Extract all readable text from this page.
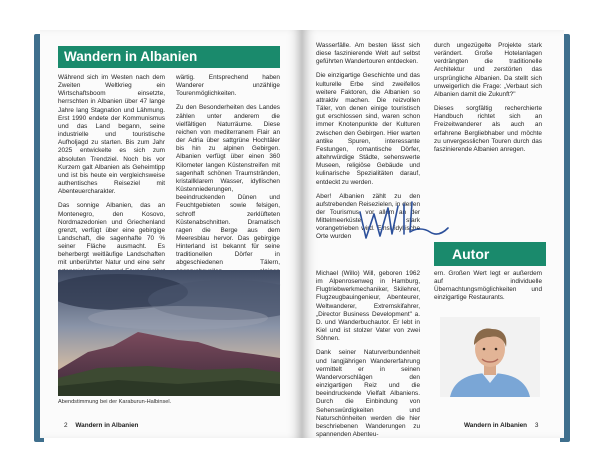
Wandern in Albanien

Während sich im Westen nach dem Zweiten Weltkrieg ein Wirtschaftsboom einsetzte, herrschten in Albanien über 47 lange Jahre lang Stagnation und Lähmung. Erst 1990 endete der Kommunismus und das Land begann, seine industrielle und touristische Aufholjagd zu starten. Bis zum Jahr 2025 entwickelte es sich zum absoluten Trendziel. Noch bis vor Kurzem galt Albanien als Geheimtipp und ist bis heute ein vergleichsweise authentisches Reiseziel mit Abenteuercharakter.

Das sonnige Albanien, das an Montenegro, den Kosovo, Nordmazedonien und Griechenland grenzt, verfügt über eine gebirgige Landschaft, die sagenhafte 70 % seiner Fläche ausmacht. Es beherbergt weitläufige Landschaften mit unberührter Natur und eine sehr

wärtig. Entsprechend haben Wanderer unzählige Tourenmöglichkeiten.

Zu den Besonderheiten des Landes zählen unter anderem die vielfältigen Naturräume. Diese reichen von mediterranem Flair an der Adria über sattgrüne Hochtäler bis hin zu alpinen Gebirgen. Albanien verfügt über einen 360 Kilometer langen Küstenstreifen mit sagenhaft schönen Traumstränden, kristallklarem Wasser, idyllischen Küstenniederungen, beeindruckenden Dünen und Feuchtgebieten sowie felsigen, schroff zerklüfteten Küstenabschnitten. Dramatisch ragen die Berge aus dem Meeresblau hervor. Das gebirgige Hinterland ist bekannt für seine traditionellen Dörfer in abgeschiedenen Tälern,

Abendstimmung bei der Karaburun-Halbinsel.
2 Wandern in Albanien

Wasserfälle. Am besten lässt sich diese faszinierende Welt auf selbst geführten Wandertouren entdecken.

Die einzigartige Geschichte und das kulturelle Erbe sind zweifellos weitere Faktoren, die Albanien so attraktiv machen. Die reizvollen Täler, von denen einige touristisch gut erschlossen sind, waren schon immer Knotenpunkte der Kulturen zwischen den Gebirgen. Hier warten antike Spuren, interessante Festungen, romantische Dörfer, altehrwürdige Städte, sehenswerte Museen, religiöse Gebäude und kulinarische Spezialitäten darauf, entdeckt zu werden.

Aber! Albanien zählt zu den aufstrebenden Reisezielen, in denen der Tourismus, vor allem an der Mittelmeerküste, stark vorangetrieben wird. Einst idyllische Orte wurden

durch ungezügelte Projekte stark verändert. Große Hotelanlagen verdrängten die traditionelle Architektur und zerstörten das ursprüngliche Albanien. Da stellt sich unweigerlich die Frage: „Verbaut sich Albanien damit die Zukunft?"

Dieses sorgfältig recherchierte Handbuch richtet sich an Freizeitwanderer als auch an erfahrene Bergliebhaber und möchte zu unvergesslichen Touren durch das faszinierende Albanien anregen.

Autor

Michael (Willo) Will, geboren 1962 im Alpenrosenweg in Hamburg, Flugtriebwerkmechaniker, Skilehrer, Flugzeugbauingenieur, Abenteurer, Weltwanderer, Extremskifahrer, „Director Business Development" a. D. und Wanderbuchautor. Er lebt in Kiel und ist stolzer Vater von zwei Söhnen.

Dank seiner Naturverbundenheit und langjährigen Wandererfahrung vermittelt er in seinen Wandervorschlägen den einzigartigen Reiz und die beeindruckende Vielfalt Albaniens. Durch die Einbindung von Sehenswürdigkeiten und Naturschönheiten werden die hier beschriebenen Wanderungen zu spannenden Abenteu-

ern. Großen Wert legt er außerdem auf individuelle Übernachtungsmöglichkeiten und einzigartige Restaurants.

Wandern in Albanien 3
